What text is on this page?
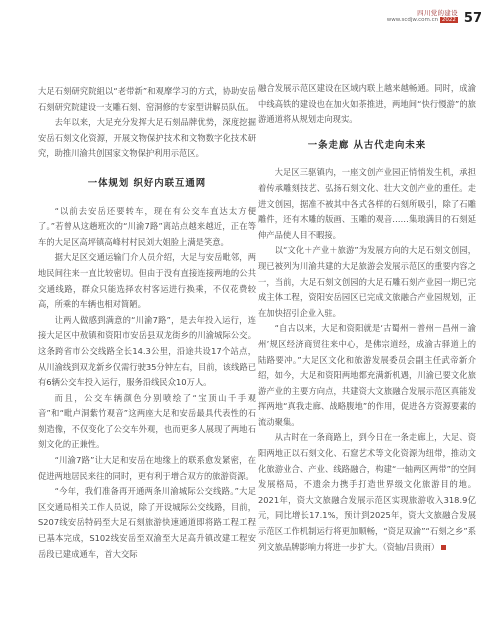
四川党的建设
www.scdjw.com.cn 2022 57

大足石刻研究院組以“老带新”和观摩学习的方式，协助安岳石刻研究院建设一支雕石刻、窑洞修的专家型讲解员队伍。

去年以来，大足充分发挥大足石刻品牌优势，深度挖掘安岳石刻文化资源，开展文物保护技术和文物数字化技术研究，助推川渝共创国家文物保护利用示范区。

一体规划 织好内联互通网

“以前去安岳还要转车，现在有公交车直达太方便了。”若曾从这趟班次的“川渝7路”离站点越来越近，正在等车的大足区高坪镇高峰村村民刘大姐脸上满是笑意。

据大足区交通运输门介人员介绍，大足与安岳毗邻，两地民间往来一直比较密切。但由于没有直接连接两地的公共交通线路，群众只能选择农村客运进行换乘，不仅花费较高，所乘的车辆也相对简陋。

让两人做感到满意的“川渝7路”，是去年投入运行，连接大足区中敖镇和资阳市安岳县双龙街乡的川渝城际公交。这条跨省市公交线路全长14.3公里，沿途共设17个站点，从川渝线到双龙新乡仅需行驶35分钟左右，目前，该线路已有6辆公交车投入运行，服务沿线民众10万人。

而且，公交车辆颜色分别喷绘了“宝顶山千手观音”和“毗卢洞紫竹观音”这两座大足和安岳最具代表性的石刻造像，不仅变化了公交车外观，也而更多人展现了两地石刻文化的正兼性。

“川渝7路”让大足和安岳在地缘上的联系愈发紧密，在促进两地居民来往的同时，更有利于增合双方的旅游资源。

“今年，我们准备再开通两条川渝城际公交线路。”大足区交通局相关工作人员说，除了开设城际公交线路，目前，S207线安岳特码至大足石刻旅游快速通道即将路工程工程已基本完成，S102线安岳至双渝至大足高升镇改建工程安岳段已建成通车，首大交际

融合发展示范区建设在区域内联上越来越畅通。同时，成渝中线高铁的建设也在加火如荼推进，两地间“快行慢游”的旅游通道将从规划走向现实。

一条走廊 从古代走向未来

大足区三驱镇内，一座文创产业园正悄悄发生机，承担着传承雕刻技艺、弘扬石刻文化、壮大文创产业的重任。走进文创园，据准不被其中各式各样的石刻所吸引，除了石雕雕件，还有木雕的版画、玉雕的观音……集琅满目的石刻延伸产品使人目不暇接。

以“文化＋产业＋旅游”为发展方向的大足石刻文创园，现已被列为川渝共建的大足旅游会发展示范区的重要内容之一，当前，大足石刻文创园的大足石雕石刻产业园一期已完成主体工程，资阳安岳园区已完成文旅融合产业园规划，正在加快招引企业入驻。

“自古以来，大足和资阳就是‘古蜀州－普州－昌州－渝州’规区经济商贸往来中心，是佛宗道经，成渝古驿道上的陆路要冲。”大足区文化和旅游发展委员会副主任武帝新介绍，如今，大足和资阳两地都充满新机遇，川渝已要文化旅游产业的主要方向点，共建资大文旅融合发展示范区真能发挥两地“真我走廊、战略腹地”的作用，促进各方资源要素的流动聚集。

从古时在一条商路上，到今日在一条走廊上，大足、资阳两地正以石刻文化、石窟艺术等文化资源为纽带，推动文化旅游业合、产业、线路融合，构建“一轴两区两带”的空间发展格局，不遗余力携手打造世界级文化旅游目的地。2021年，资大文旅融合发展示范区实现旅游收入318.9亿元，同比增长17.1%，预计到2025年，资大文旅融合发展示范区工作机制运行将更加顺畅，“资足双渝”“石刻之乡”系列文旅品牌影响力将进一步扩大。（资轴/吕贵雨）
